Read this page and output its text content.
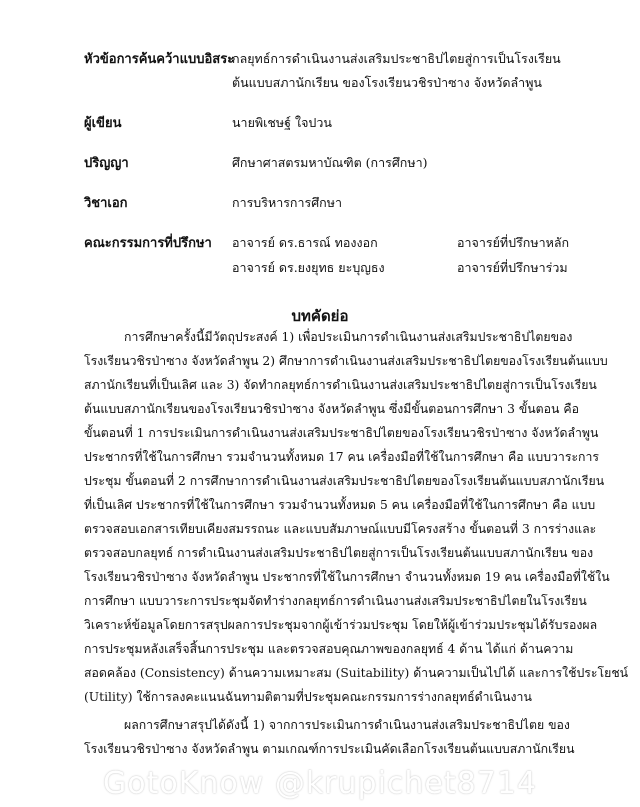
หัวข้อการค้นคว้าแบบอิสระ
กลยุทธ์การดำเนินงานส่งเสริมประชาธิปไตยสู่การเป็นโรงเรียน
ต้นแบบสภานักเรียน ของโรงเรียนวชิรป่าซาง จังหวัดลำพูน
ผู้เขียน	นายพิเชษฐ์ ใจปวน
ปริญญา	ศึกษาศาสตรมหาบัณฑิต (การศึกษา)
วิชาเอก	การบริหารการศึกษา
คณะกรรมการที่ปรึกษา อาจารย์ ดร.ธารณ์ ทองงอก	อาจารย์ที่ปรึกษาหลัก
อาจารย์ ดร.ยงยุทธ ยะบุญธง	อาจารย์ที่ปรึกษาร่วม
บทคัดย่อ
การศึกษาครั้งนี้มีวัตถุประสงค์ 1) เพื่อประเมินการดำเนินงานส่งเสริมประชาธิปไตยของ
โรงเรียนวชิรป่าซาง จังหวัดลำพูน 2) ศึกษาการดำเนินงานส่งเสริมประชาธิปไตยของโรงเรียนต้นแบบ
สภานักเรียนที่เป็นเลิศ และ 3) จัดทำกลยุทธ์การดำเนินงานส่งเสริมประชาธิปไตยสู่การเป็นโรงเรียน
ต้นแบบสภานักเรียนของโรงเรียนวชิรป่าซาง จังหวัดลำพูน ซึ่งมีขั้นตอนการศึกษา 3 ขั้นตอน คือ
ขั้นตอนที่ 1 การประเมินการดำเนินงานส่งเสริมประชาธิปไตยของโรงเรียนวชิรป่าซาง จังหวัดลำพูน
ประชากรที่ใช้ในการศึกษา รวมจำนวนทั้งหมด 17 คน เครื่องมือที่ใช้ในการศึกษา คือ แบบวาระการ
ประชุม ขั้นตอนที่ 2 การศึกษาการดำเนินงานส่งเสริมประชาธิปไตยของโรงเรียนต้นแบบสภานักเรียน
ที่เป็นเลิศ ประชากรที่ใช้ในการศึกษา รวมจำนวนทั้งหมด 5 คน เครื่องมือที่ใช้ในการศึกษา คือ แบบ
ตรวจสอบเอกสารเทียบเคียงสมรรถนะ และแบบสัมภาษณ์แบบมีโครงสร้าง ขั้นตอนที่ 3 การร่างและ
ตรวจสอบกลยุทธ์ การดำเนินงานส่งเสริมประชาธิปไตยสู่การเป็นโรงเรียนต้นแบบสภานักเรียน ของ
โรงเรียนวชิรป่าซาง จังหวัดลำพูน ประชากรที่ใช้ในการศึกษา จำนวนทั้งหมด 19 คน เครื่องมือที่ใช้ใน
การศึกษา แบบวาระการประชุมจัดทำร่างกลยุทธ์การดำเนินงานส่งเสริมประชาธิปไตยในโรงเรียน
วิเคราะห์ข้อมูลโดยการสรุปผลการประชุมจากผู้เข้าร่วมประชุม โดยให้ผู้เข้าร่วมประชุมได้รับรองผล
การประชุมหลังเสร็จสิ้นการประชุม และตรวจสอบคุณภาพของกลยุทธ์ 4 ด้าน ได้แก่ ด้านความ
สอดคล้อง (Consistency) ด้านความเหมาะสม (Suitability) ด้านความเป็นไปได้ และการใช้ประโยชน์
(Utility) ใช้การลงคะแนนฉันทามติตามที่ประชุมคณะกรรมการร่างกลยุทธ์ดำเนินงาน
ผลการศึกษาสรุปได้ดังนี้ 1) จากการประเมินการดำเนินงานส่งเสริมประชาธิปไตย ของ
โรงเรียนวชิรป่าซาง จังหวัดลำพูน ตามเกณฑ์การประเมินคัดเลือกโรงเรียนต้นแบบสภานักเรียน
GotoKnow @krupichet8714
